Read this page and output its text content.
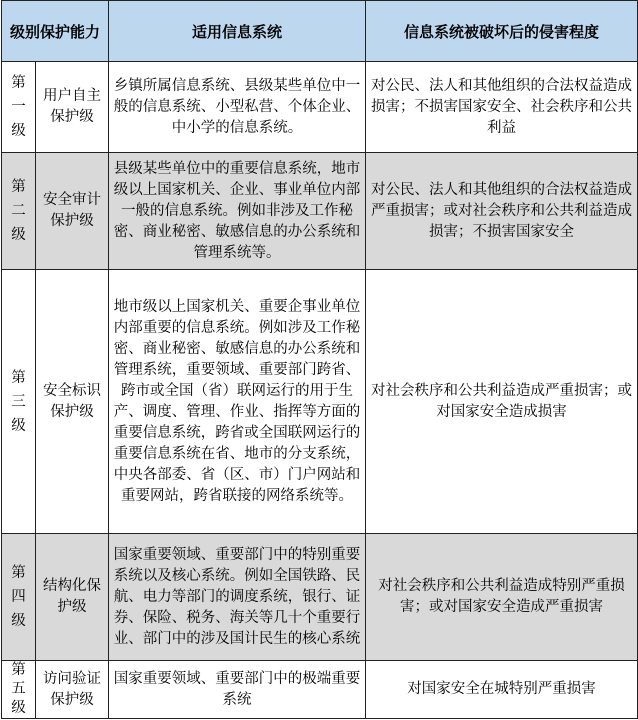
级别保护能力		适用信息系统	信息系统被破坏后的侵害程度

第一级	用户自主保护级	乡镇所属信息系统、县级某些单位中一般的信息系统、小型私营、个体企业、中小学的信息系统。	对公民、法人和其他组织的合法权益造成损害；不损害国家安全、社会秩序和公共利益

第二级	安全审计保护级	县级某些单位中的重要信息系统，地市级以上国家机关、企业、事业单位内部一般的信息系统。例如非涉及工作秘密、商业秘密、敏感信息的办公系统和管理系统等。	对公民、法人和其他组织的合法权益造成严重损害；或对社会秩序和公共利益造成损害；不损害国家安全

第三级	安全标识保护级	地市级以上国家机关、重要企事业单位内部重要的信息系统。例如涉及工作秘密、商业秘密、敏感信息的办公系统和管理系统，重要领域、重要部门跨省、跨市或全国（省）联网运行的用于生产、调度、管理、作业、指挥等方面的重要信息系统，跨省或全国联网运行的重要信息系统在省、地市的分支系统，中央各部委、省（区、市）门户网站和重要网站，跨省联接的网络系统等。	对社会秩序和公共利益造成严重损害；或对国家安全造成损害

第四级	结构化保护级	国家重要领域、重要部门中的特别重要系统以及核心系统。例如全国铁路、民航、电力等部门的调度系统，银行、证券、保险、税务、海关等几十个重要行业、部门中的涉及国计民生的核心系统	对社会秩序和公共利益造成特别严重损害；或对国家安全造成严重损害

第五级	访问验证保护级	国家重要领域、重要部门中的极端重要系统	对国家安全在城特别严重损害
